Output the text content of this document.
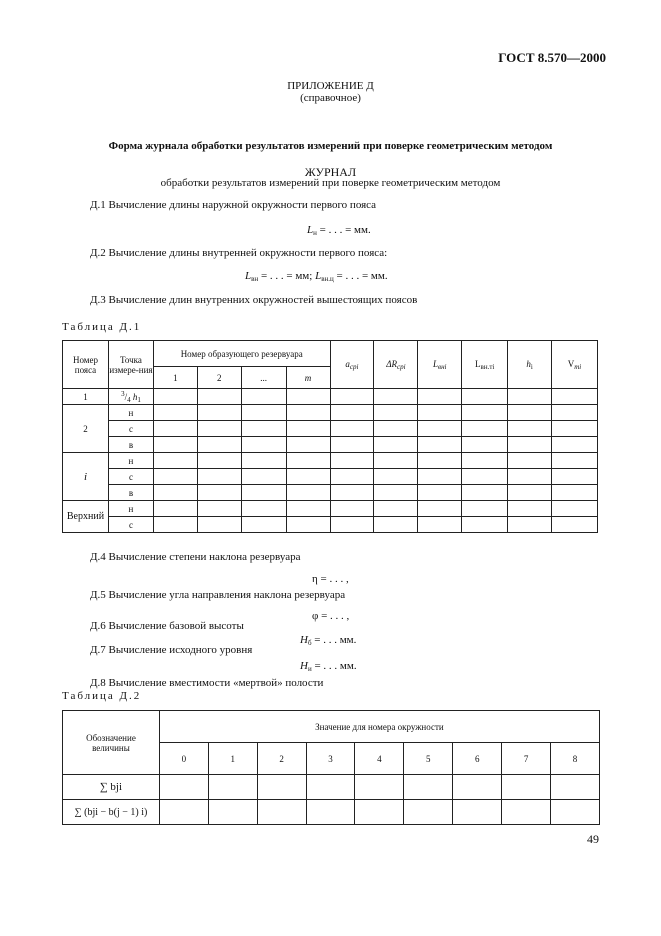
ГОСТ 8.570—2000
ПРИЛОЖЕНИЕ Д
(справочное)
Форма журнала обработки результатов измерений при поверке геометрическим методом
ЖУРНАЛ
обработки результатов измерений при поверке геометрическим методом
Д.1 Вычисление длины наружной окружности первого пояса
$L_н$ = . . . = мм.
Д.2 Вычисление длины внутренней окружности первого пояса:
$L_{вн}$ = . . . = мм; $L_{вн.ц}$ = . . . = мм.
Д.3 Вычисление длин внутренних окружностей вышестоящих поясов
Таблица Д.1
Номер пояса	Точка измере-ния	Номер образующего резервуара				$a_{срi}$	$\Delta R_{срi}$	$L_{внi}$	$L_{вн.тi}$	$h_i$	$V_{тi}$
		1	2	...	m						
1	$^3/_4$ $h_1$										
2	н										
	с										
	в										
i	н										
	с										
	в										
Верхний	н										
	с										
Д.4 Вычисление степени наклона резервуара
η = . . . ,
Д.5 Вычисление угла направления наклона резервуара
φ = . . . ,
Д.6 Вычисление базовой высоты
$H_б$ = . . . мм.
Д.7 Вычисление исходного уровня
$H_и$ = . . . мм.
Д.8 Вычисление вместимости «мертвой» полости
Таблица Д.2
Обозначение величины	Значение для номера окружности								
	0	1	2	3	4	5	6	7	8
∑ bji									
∑ (bji − b(j − 1) i)									
49
